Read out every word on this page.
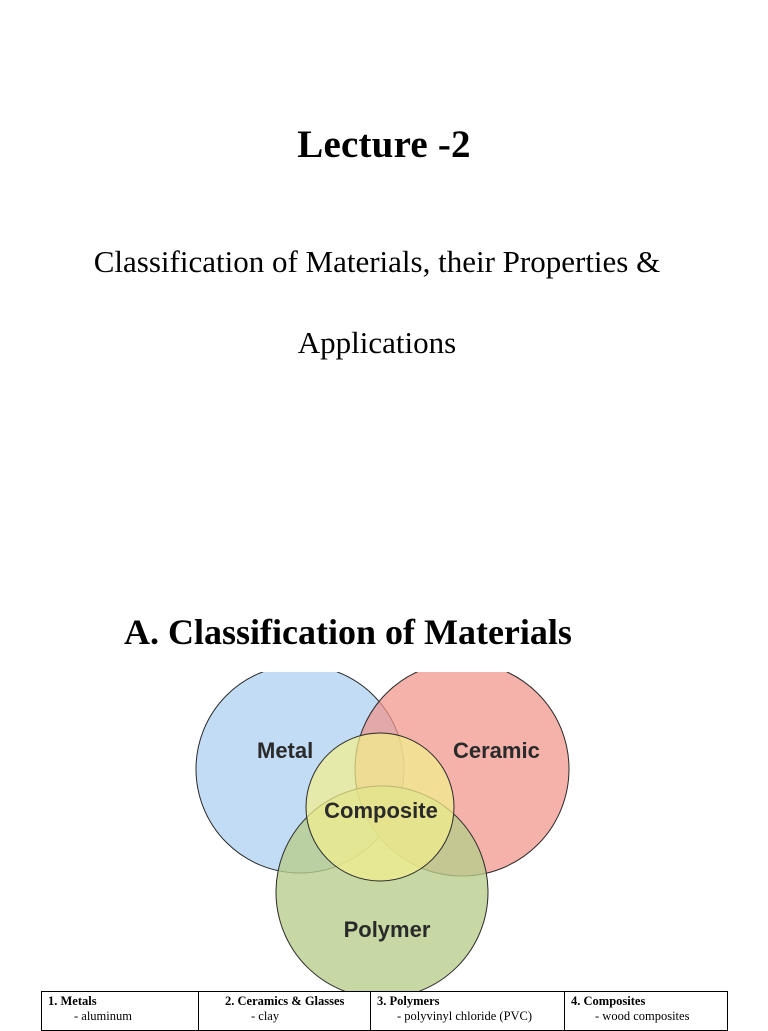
Lecture -2
Classification of Materials, their Properties &
Applications
A. Classification of Materials
Metal	Ceramic
Composite
Polymer
1. Metals
- aluminum

2. Ceramics & Glasses
- clay

3. Polymers
- polyvinyl chloride (PVC)

4. Composites
- wood composites
